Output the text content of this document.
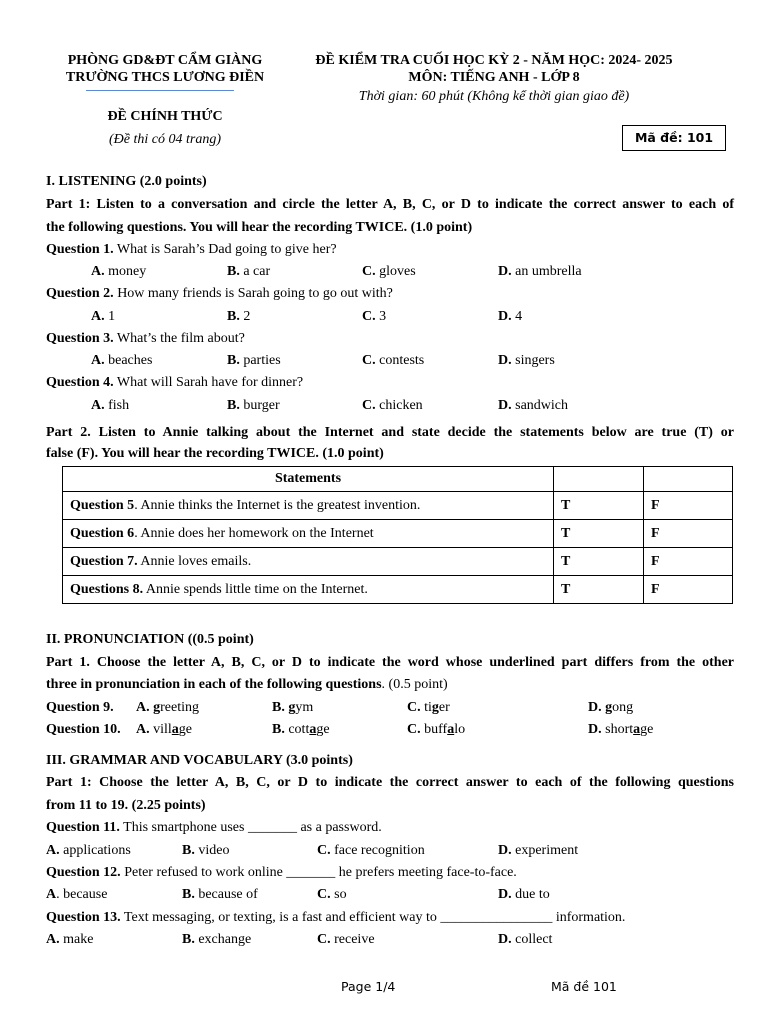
PHÒNG GD&ĐT CẨM GIÀNG
TRƯỜNG THCS LƯƠNG ĐIỀN
ĐỀ KIỂM TRA CUỐI HỌC KỲ 2 - NĂM HỌC: 2024- 2025
MÔN: TIẾNG ANH - LỚP 8
Thời gian: 60 phút (Không kể thời gian giao đề)
ĐỀ CHÍNH THỨC
(Đề thi có 04 trang)	Mã đề: 101
I. LISTENING (2.0 points)
Part 1: Listen to a conversation and circle the letter A, B, C, or D to indicate the correct answer to each of
the following questions. You will hear the recording TWICE. (1.0 point)
Question 1. What is Sarah’s Dad going to give her?
A. money	B. a car	C. gloves	D. an umbrella
Question 2. How many friends is Sarah going to go out with?
A. 1	B. 2	C. 3	D. 4
Question 3. What’s the film about?
A. beaches	B. parties	C. contests	D. singers
Question 4. What will Sarah have for dinner?
A. fish	B. burger	C. chicken	D. sandwich
Part 2. Listen to Annie talking about the Internet and state decide the statements below are true (T) or
false (F). You will hear the recording TWICE. (1.0 point)
Statements		
Question 5. Annie thinks the Internet is the greatest invention.	T	F
Question 6. Annie does her homework on the Internet	T	F
Question 7. Annie loves emails.	T	F
Questions 8. Annie spends little time on the Internet.	T	F
II. PRONUNCIATION ((0.5 point)
Part 1. Choose the letter A, B, C, or D to indicate the word whose underlined part differs from the other
three in pronunciation in each of the following questions. (0.5 point)
Question 9. A. greeting	B. gym	C. tiger	D. gong
Question 10. A. village	B. cottage	C. buffalo	D. shortage
III. GRAMMAR AND VOCABULARY (3.0 points)
Part 1: Choose the letter A, B, C, or D to indicate the correct answer to each of the following questions
from 11 to 19. (2.25 points)
Question 11. This smartphone uses _______ as a password.
A. applications	B. video	C. face recognition	D. experiment
Question 12. Peter refused to work online _______ he prefers meeting face-to-face.
A. because	B. because of	C. so	D. due to
Question 13. Text messaging, or texting, is a fast and efficient way to ________________ information.
A. make	B. exchange	C. receive	D. collect
Page 1/4	Mã đề 101
